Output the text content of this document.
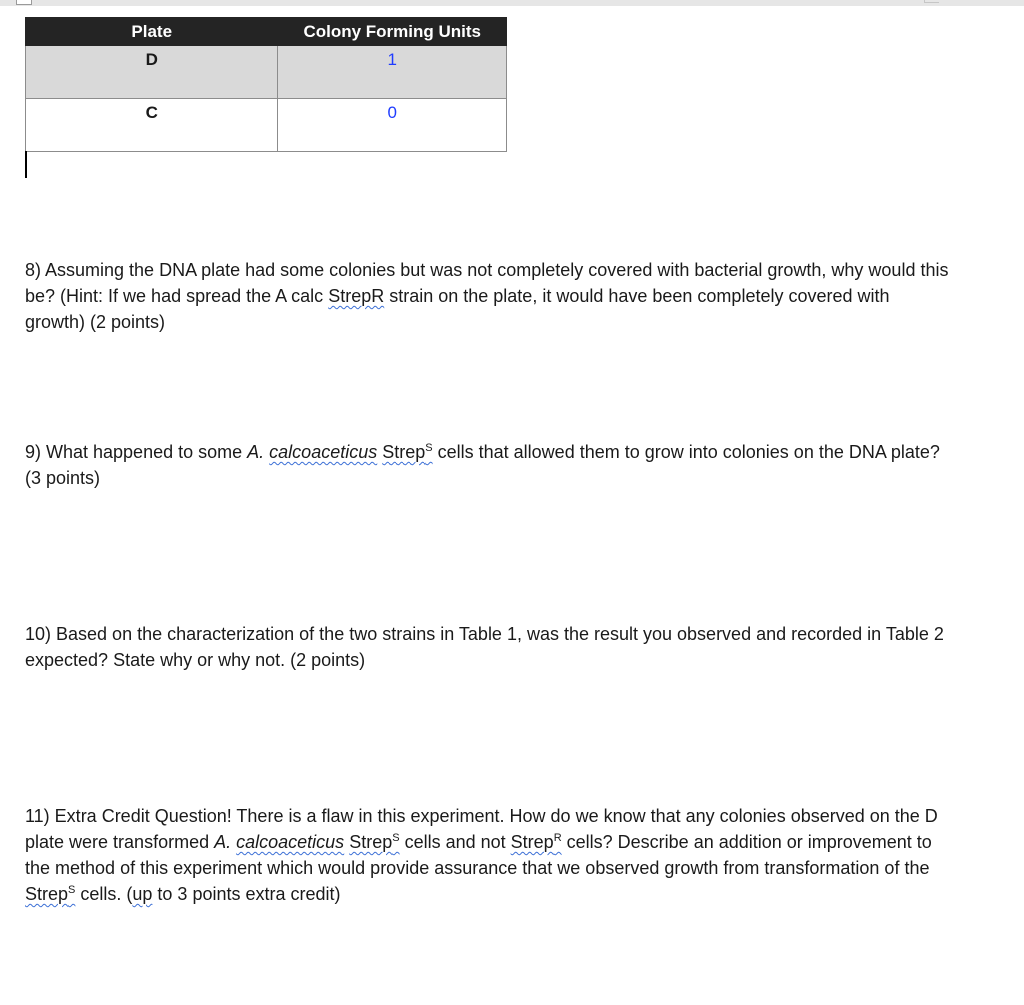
Plate	Colony Forming Units
D	1
C	0
8) Assuming the DNA plate had some colonies but was not completely covered with bacterial growth, why would this be? (Hint: If we had spread the A calc StrepR strain on the plate, it would have been completely covered with growth) (2 points)
9) What happened to some A. calcoaceticus Strep$^S$ cells that allowed them to grow into colonies on the DNA plate? (3 points)
10) Based on the characterization of the two strains in Table 1, was the result you observed and recorded in Table 2 expected? State why or why not. (2 points)
11) Extra Credit Question! There is a flaw in this experiment. How do we know that any colonies observed on the D plate were transformed A. calcoaceticus Strep$^S$ cells and not Strep$^R$ cells? Describe an addition or improvement to the method of this experiment which would provide assurance that we observed growth from transformation of the Strep$^S$ cells. (up to 3 points extra credit)
